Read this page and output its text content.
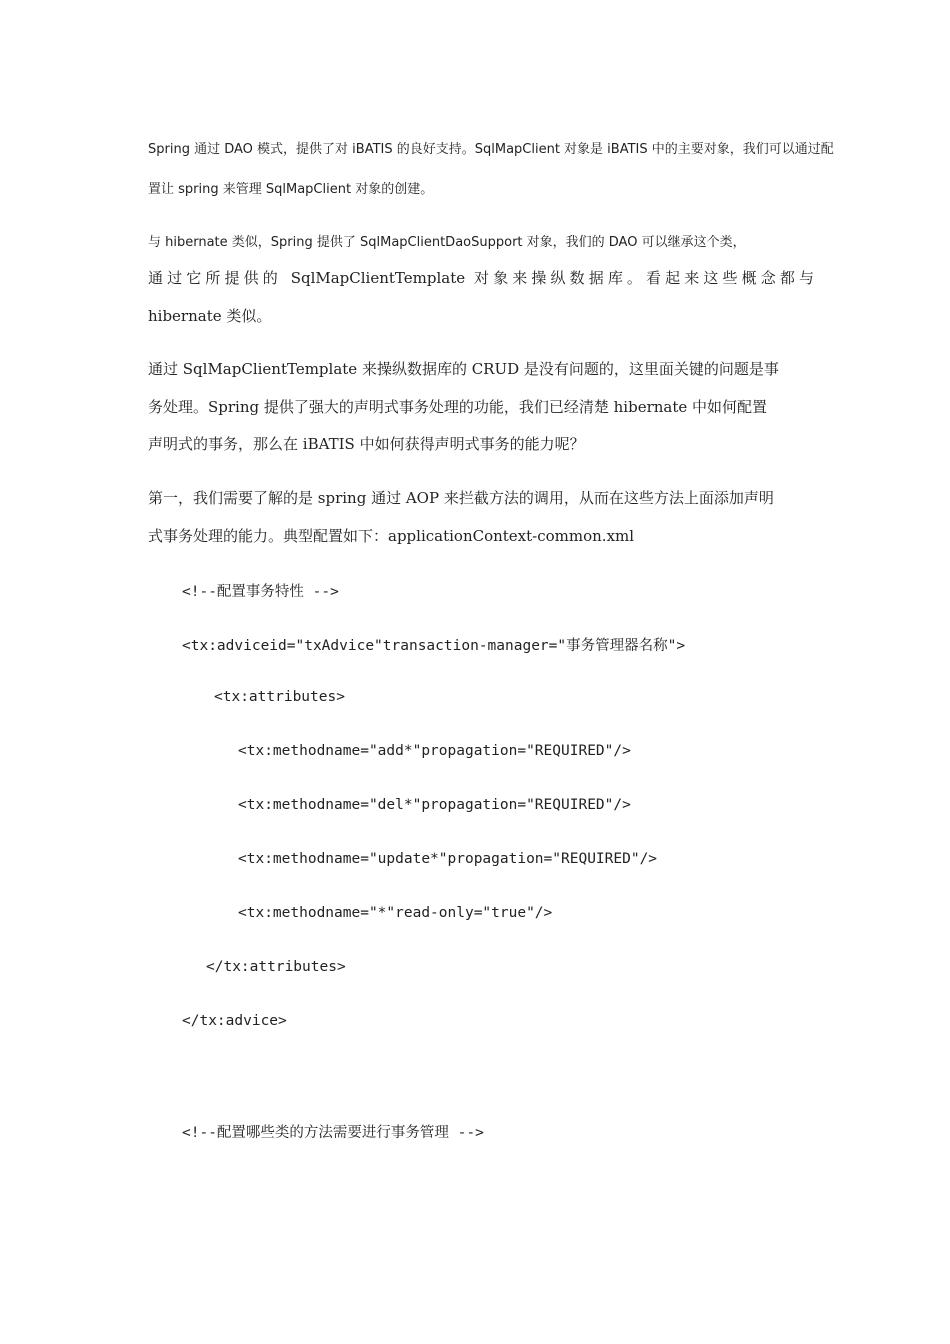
Spring 通过 DAO 模式，提供了对 iBATIS 的良好支持。SqlMapClient 对象是 iBATIS 中的主要对象，我们可以通过配
置让 spring 来管理 SqlMapClient 对象的创建。
与 hibernate 类似，Spring 提供了 SqlMapClientDaoSupport 对象，我们的 DAO 可以继承这个类，
通过它所提供的 SqlMapClientTemplate 对象来操纵数据库。看起来这些概念都与
hibernate 类似。
通过 SqlMapClientTemplate 来操纵数据库的 CRUD 是没有问题的，这里面关键的问题是事
务处理。Spring 提供了强大的声明式事务处理的功能，我们已经清楚 hibernate 中如何配置
声明式的事务，那么在 iBATIS 中如何获得声明式事务的能力呢？
第一，我们需要了解的是 spring 通过 AOP 来拦截方法的调用，从而在这些方法上面添加声明
式事务处理的能力。典型配置如下：applicationContext-common.xml
<!--配置事务特性 -->
<tx:adviceid="txAdvice"transaction-manager="事务管理器名称">
<tx:attributes>
<tx:methodname="add*"propagation="REQUIRED"/>
<tx:methodname="del*"propagation="REQUIRED"/>
<tx:methodname="update*"propagation="REQUIRED"/>
<tx:methodname="*"read-only="true"/>
</tx:attributes>
</tx:advice>
<!--配置哪些类的方法需要进行事务管理 -->
